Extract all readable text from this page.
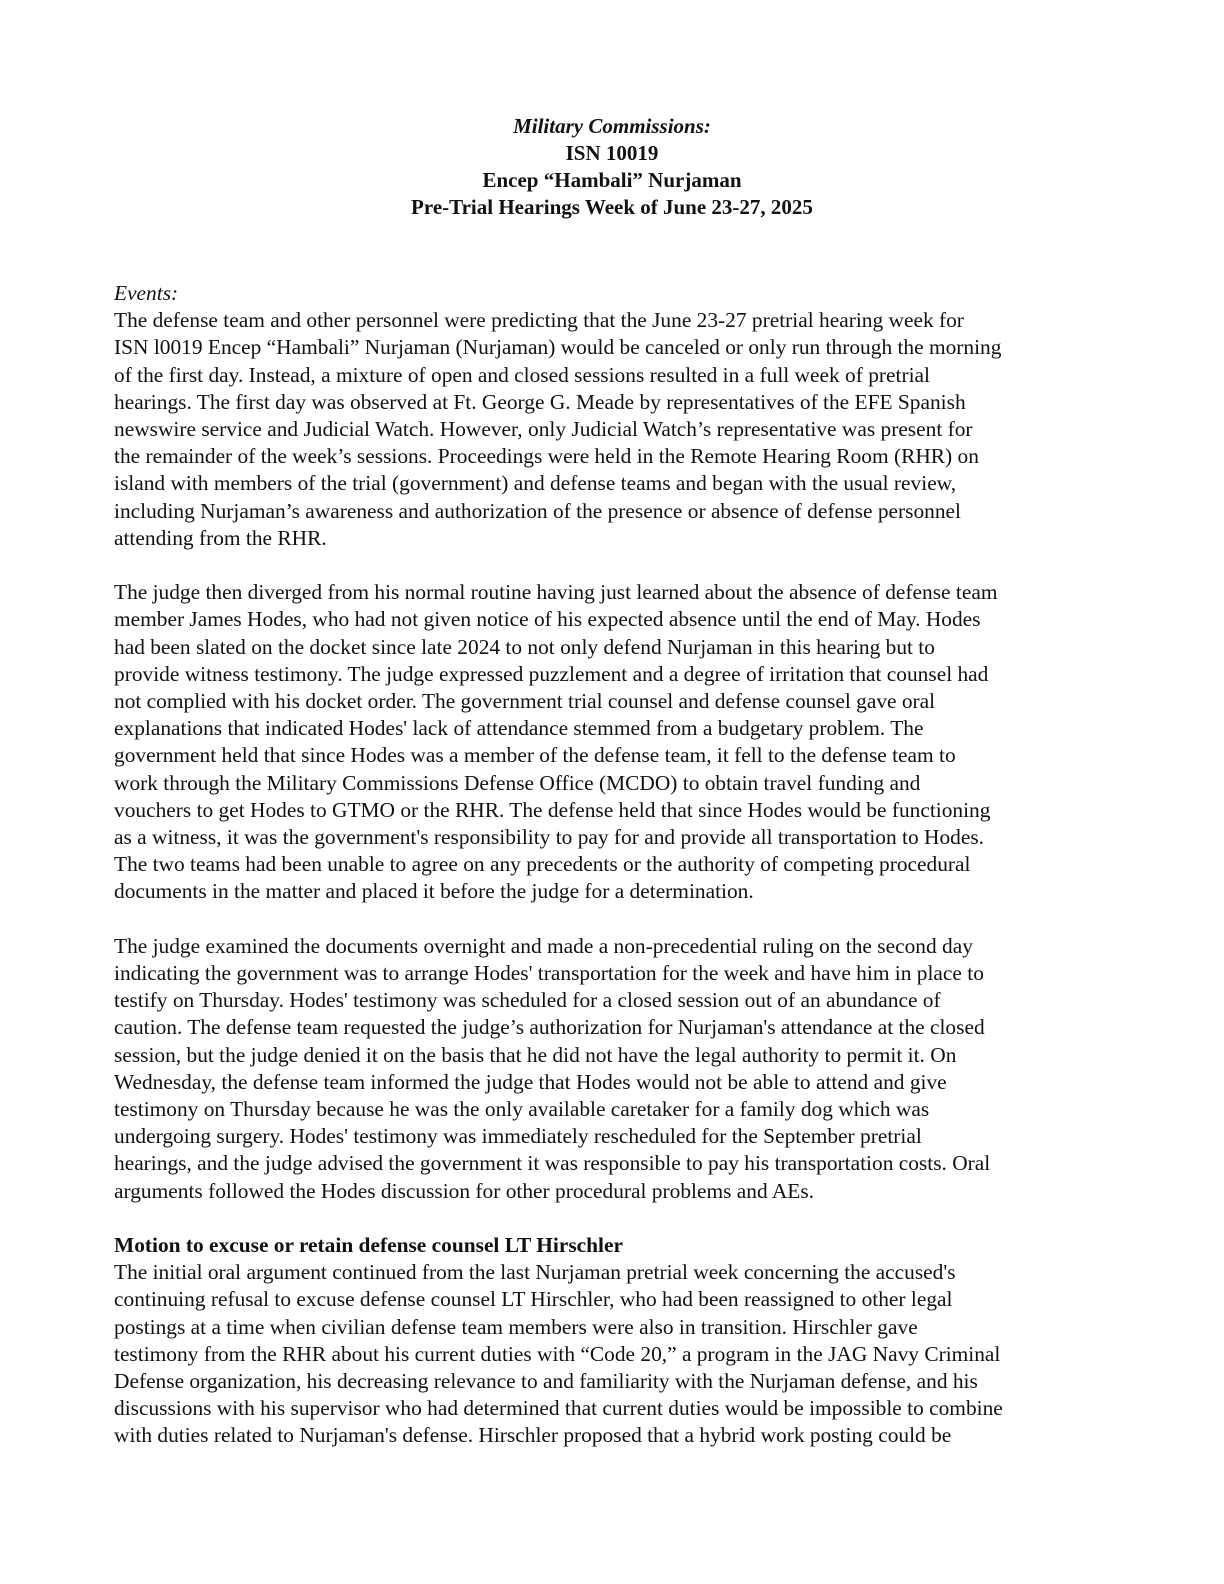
Military Commissions:
ISN 10019
Encep “Hambali” Nurjaman
Pre-Trial Hearings Week of June 23-27, 2025
Events:
The defense team and other personnel were predicting that the June 23-27 pretrial hearing week for
ISN l0019 Encep “Hambali” Nurjaman (Nurjaman) would be canceled or only run through the morning
of the first day. Instead, a mixture of open and closed sessions resulted in a full week of pretrial
hearings. The first day was observed at Ft. George G. Meade by representatives of the EFE Spanish
newswire service and Judicial Watch. However, only Judicial Watch’s representative was present for
the remainder of the week’s sessions. Proceedings were held in the Remote Hearing Room (RHR) on
island with members of the trial (government) and defense teams and began with the usual review,
including Nurjaman’s awareness and authorization of the presence or absence of defense personnel
attending from the RHR.
The judge then diverged from his normal routine having just learned about the absence of defense team
member James Hodes, who had not given notice of his expected absence until the end of May. Hodes
had been slated on the docket since late 2024 to not only defend Nurjaman in this hearing but to
provide witness testimony. The judge expressed puzzlement and a degree of irritation that counsel had
not complied with his docket order. The government trial counsel and defense counsel gave oral
explanations that indicated Hodes' lack of attendance stemmed from a budgetary problem. The
government held that since Hodes was a member of the defense team, it fell to the defense team to
work through the Military Commissions Defense Office (MCDO) to obtain travel funding and
vouchers to get Hodes to GTMO or the RHR. The defense held that since Hodes would be functioning
as a witness, it was the government's responsibility to pay for and provide all transportation to Hodes.
The two teams had been unable to agree on any precedents or the authority of competing procedural
documents in the matter and placed it before the judge for a determination.
The judge examined the documents overnight and made a non-precedential ruling on the second day
indicating the government was to arrange Hodes' transportation for the week and have him in place to
testify on Thursday. Hodes' testimony was scheduled for a closed session out of an abundance of
caution. The defense team requested the judge’s authorization for Nurjaman's attendance at the closed
session, but the judge denied it on the basis that he did not have the legal authority to permit it. On
Wednesday, the defense team informed the judge that Hodes would not be able to attend and give
testimony on Thursday because he was the only available caretaker for a family dog which was
undergoing surgery. Hodes' testimony was immediately rescheduled for the September pretrial
hearings, and the judge advised the government it was responsible to pay his transportation costs. Oral
arguments followed the Hodes discussion for other procedural problems and AEs.
Motion to excuse or retain defense counsel LT Hirschler
The initial oral argument continued from the last Nurjaman pretrial week concerning the accused's
continuing refusal to excuse defense counsel LT Hirschler, who had been reassigned to other legal
postings at a time when civilian defense team members were also in transition. Hirschler gave
testimony from the RHR about his current duties with “Code 20,” a program in the JAG Navy Criminal
Defense organization, his decreasing relevance to and familiarity with the Nurjaman defense, and his
discussions with his supervisor who had determined that current duties would be impossible to combine
with duties related to Nurjaman's defense. Hirschler proposed that a hybrid work posting could be
